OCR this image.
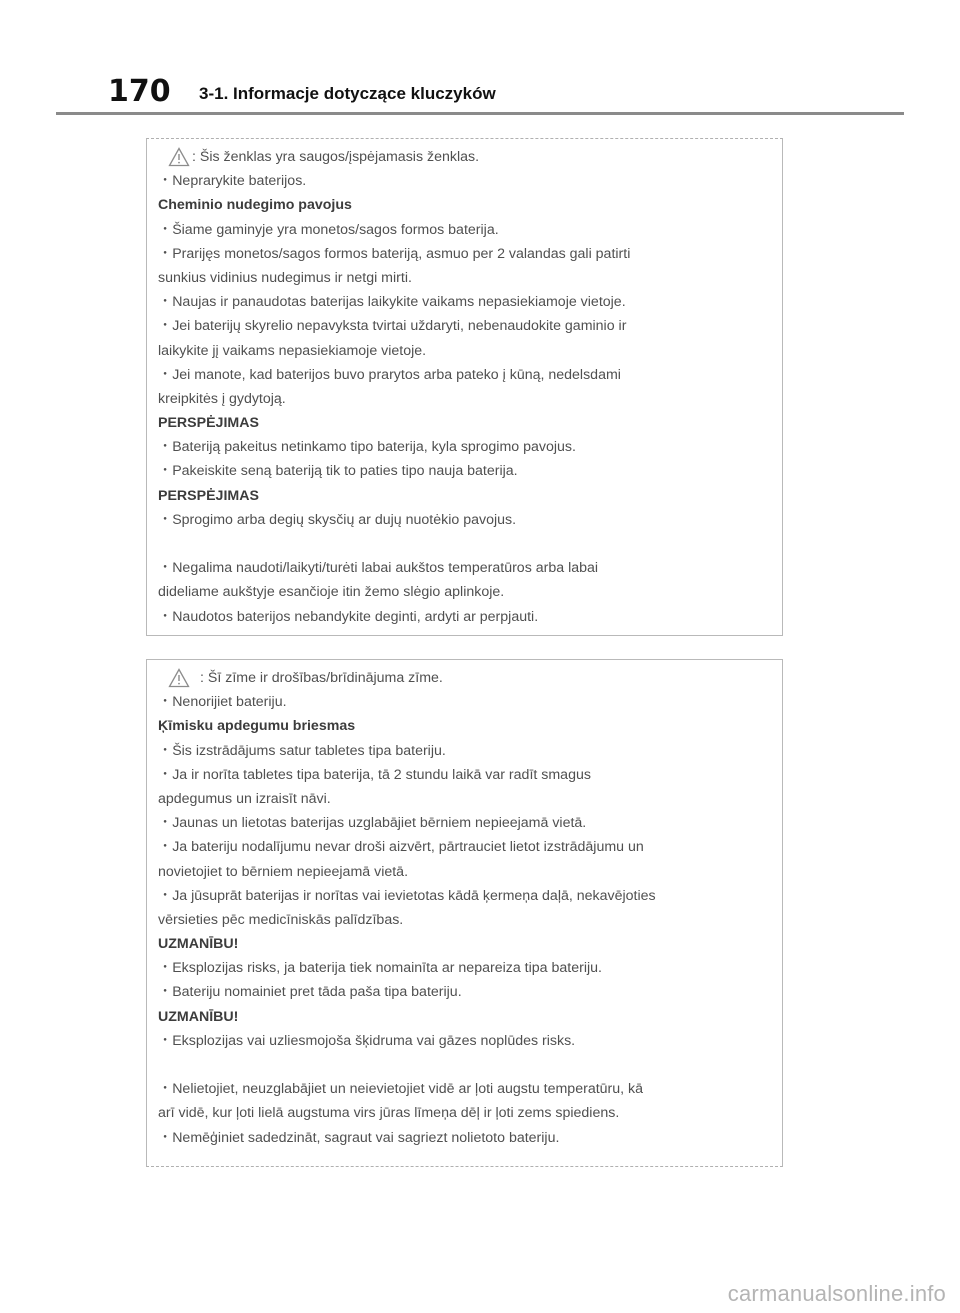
170 3-1. Informacje dotyczące kluczyków
: Šis ženklas yra saugos/įspėjamasis ženklas.
・Neprarykite baterijos.
Cheminio nudegimo pavojus
・Šiame gaminyje yra monetos/sagos formos baterija.
・Prarijęs monetos/sagos formos bateriją, asmuo per 2 valandas gali patirti
sunkius vidinius nudegimus ir netgi mirti.
・Naujas ir panaudotas baterijas laikykite vaikams nepasiekiamoje vietoje.
・Jei baterijų skyrelio nepavyksta tvirtai uždaryti, nebenaudokite gaminio ir
laikykite jį vaikams nepasiekiamoje vietoje.
・Jei manote, kad baterijos buvo prarytos arba pateko į kūną, nedelsdami
kreipkitės į gydytoją.
PERSPĖJIMAS
・Bateriją pakeitus netinkamo tipo baterija, kyla sprogimo pavojus.
・Pakeiskite seną bateriją tik to paties tipo nauja baterija.
PERSPĖJIMAS
・Sprogimo arba degių skysčių ar dujų nuotėkio pavojus.
・Negalima naudoti/laikyti/turėti labai aukštos temperatūros arba labai
dideliame aukštyje esančioje itin žemo slėgio aplinkoje.
・Naudotos baterijos nebandykite deginti, ardyti ar perpjauti.
: Šī zīme ir drošības/brīdinājuma zīme.
・Nenorijiet bateriju.
Ķīmisku apdegumu briesmas
・Šis izstrādājums satur tabletes tipa bateriju.
・Ja ir norīta tabletes tipa baterija, tā 2 stundu laikā var radīt smagus
apdegumus un izraisīt nāvi.
・Jaunas un lietotas baterijas uzglabājiet bērniem nepieejamā vietā.
・Ja bateriju nodalījumu nevar droši aizvērt, pārtrauciet lietot izstrādājumu un
novietojiet to bērniem nepieejamā vietā.
・Ja jūsuprāt baterijas ir norītas vai ievietotas kādā ķermeņa daļā, nekavējoties
vērsieties pēc medicīniskās palīdzības.
UZMANĪBU!
・Eksplozijas risks, ja baterija tiek nomainīta ar nepareiza tipa bateriju.
・Bateriju nomainiet pret tāda paša tipa bateriju.
UZMANĪBU!
・Eksplozijas vai uzliesmojoša šķidruma vai gāzes noplūdes risks.
・Nelietojiet, neuzglabājiet un neievietojiet vidē ar ļoti augstu temperatūru, kā
arī vidē, kur ļoti lielā augstuma virs jūras līmeņa dēļ ir ļoti zems spiediens.
・Nemēģiniet sadedzināt, sagraut vai sagriezt nolietoto bateriju.
carmanualsonline.info
